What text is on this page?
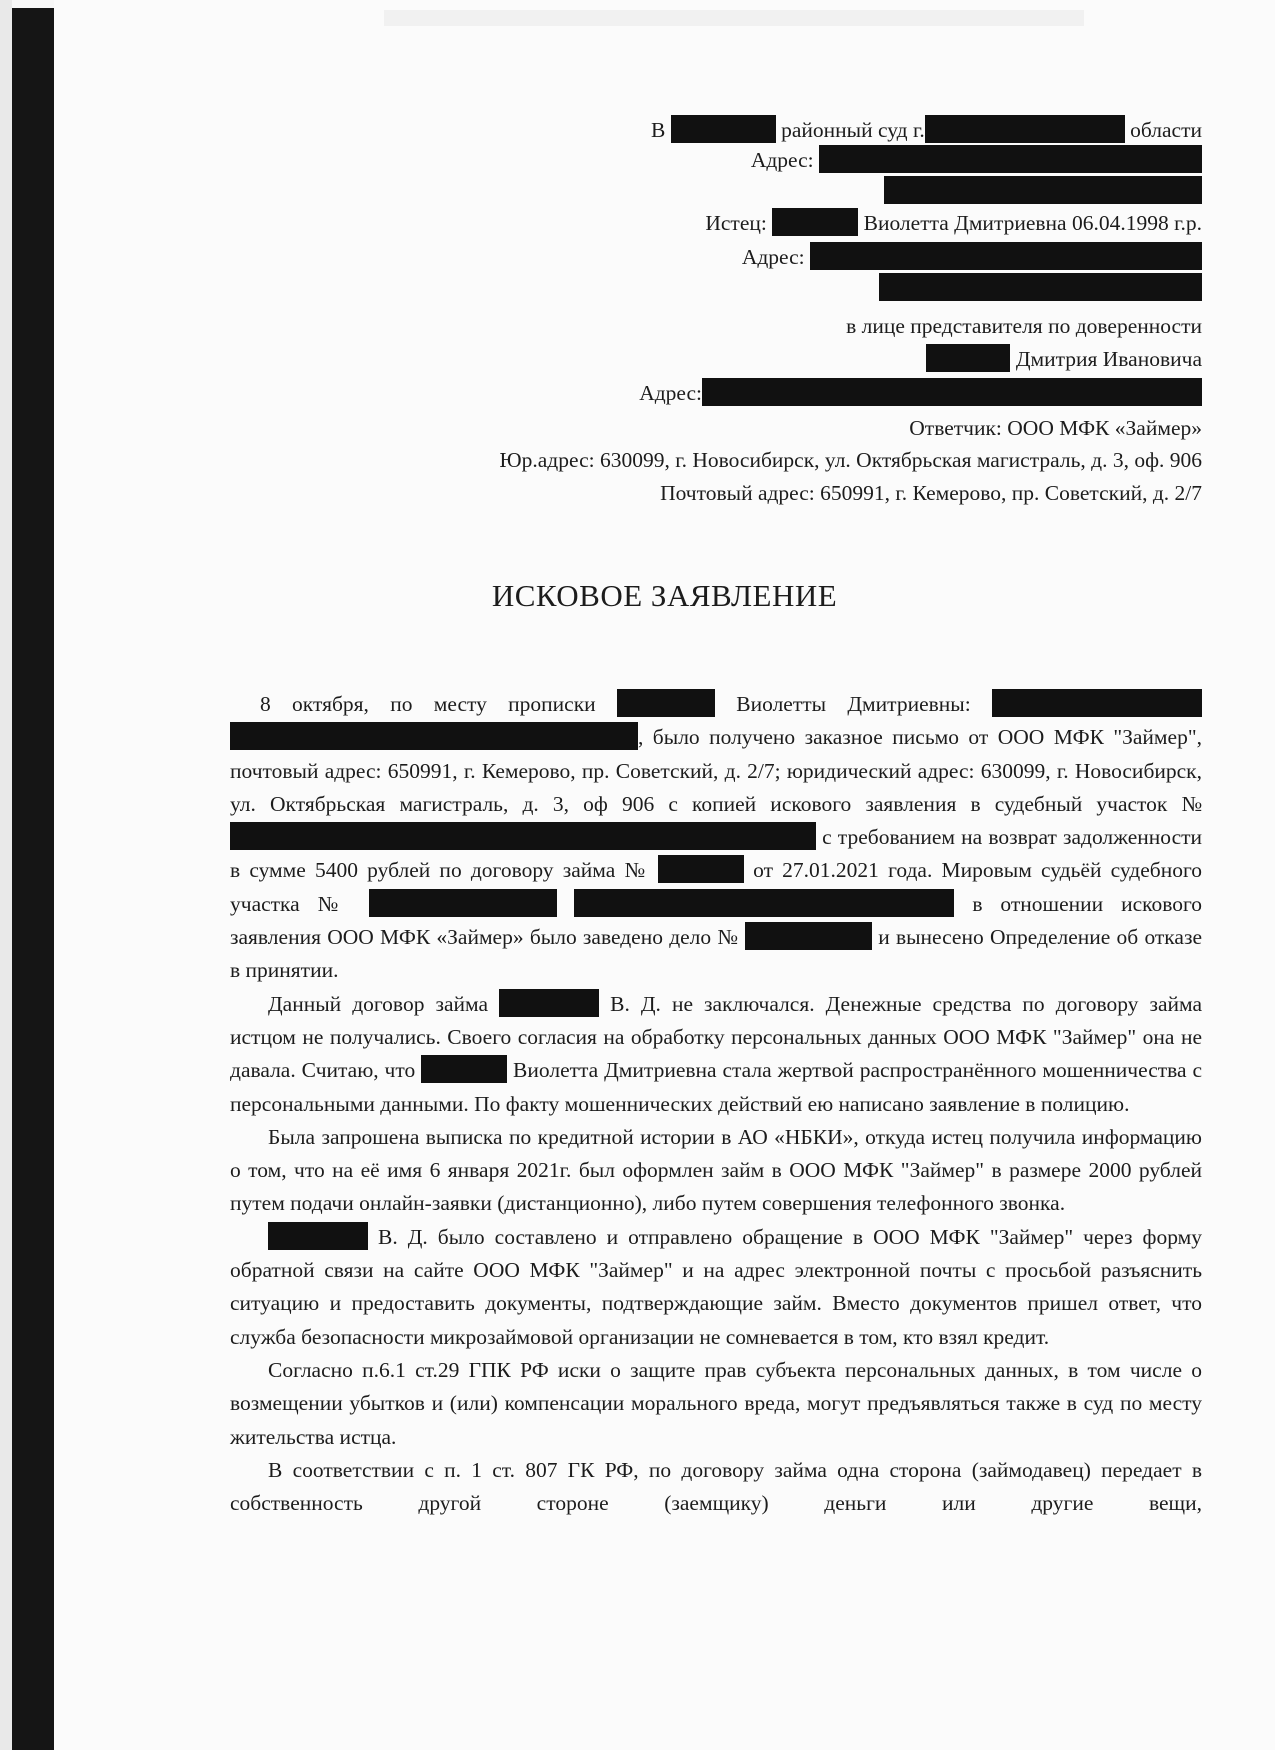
В	районный суд г.	области
Адрес:
Истец:	Виолетта Дмитриевна 06.04.1998 г.р.
Адрес:
в лице представителя по доверенности
Дмитрия Ивановича
Адрес:
Ответчик: ООО МФК «Займер»
Юр.адрес: 630099, г. Новосибирск, ул. Октябрьская магистраль, д. 3, оф. 906
Почтовый адрес: 650991, г. Кемерово, пр. Советский, д. 2/7
ИСКОВОЕ ЗАЯВЛЕНИЕ

8 октября, по месту прописки	Виолетты Дмитриевны:  , было получено заказное письмо от ООО МФК "Займер", почтовый адрес: 650991, г. Кемерово, пр. Советский, д. 2/7; юридический адрес: 630099, г. Новосибирск, ул. Октябрьская магистраль, д. 3, оф 906 с копией искового заявления в судебный участок №  с требованием на возврат задолженности в сумме 5400 рублей по договору займа №	от 27.01.2021 года. Мировым судьёй судебного участка №	в отношении искового заявления ООО МФК «Займер» было заведено дело №	и вынесено Определение об отказе в принятии.

Данный договор займа	В. Д. не заключался. Денежные средства по договору займа истцом не получались. Своего согласия на обработку персональных данных ООО МФК "Займер" она не давала. Считаю, что	Виолетта Дмитриевна стала жертвой распространённого мошенничества с персональными данными. По факту мошеннических действий ею написано заявление в полицию.

Была запрошена выписка по кредитной истории в АО «НБКИ», откуда истец получила информацию о том, что на её имя 6 января 2021г. был оформлен займ в ООО МФК "Займер" в размере 2000 рублей путем подачи онлайн-заявки (дистанционно), либо путем совершения телефонного звонка.

В. Д. было составлено и отправлено обращение в ООО МФК "Займер" через форму обратной связи на сайте ООО МФК "Займер" и на адрес электронной почты с просьбой разъяснить ситуацию и предоставить документы, подтверждающие займ. Вместо документов пришел ответ, что служба безопасности микрозаймовой организации не сомневается в том, кто взял кредит.

Согласно п.6.1 ст.29 ГПК РФ иски о защите прав субъекта персональных данных, в том числе о возмещении убытков и (или) компенсации морального вреда, могут предъявляться также в суд по месту жительства истца.

В соответствии с п. 1 ст. 807 ГК РФ, по договору займа одна сторона (займодавец) передает в собственность другой стороне (заемщику) деньги или другие вещи,
